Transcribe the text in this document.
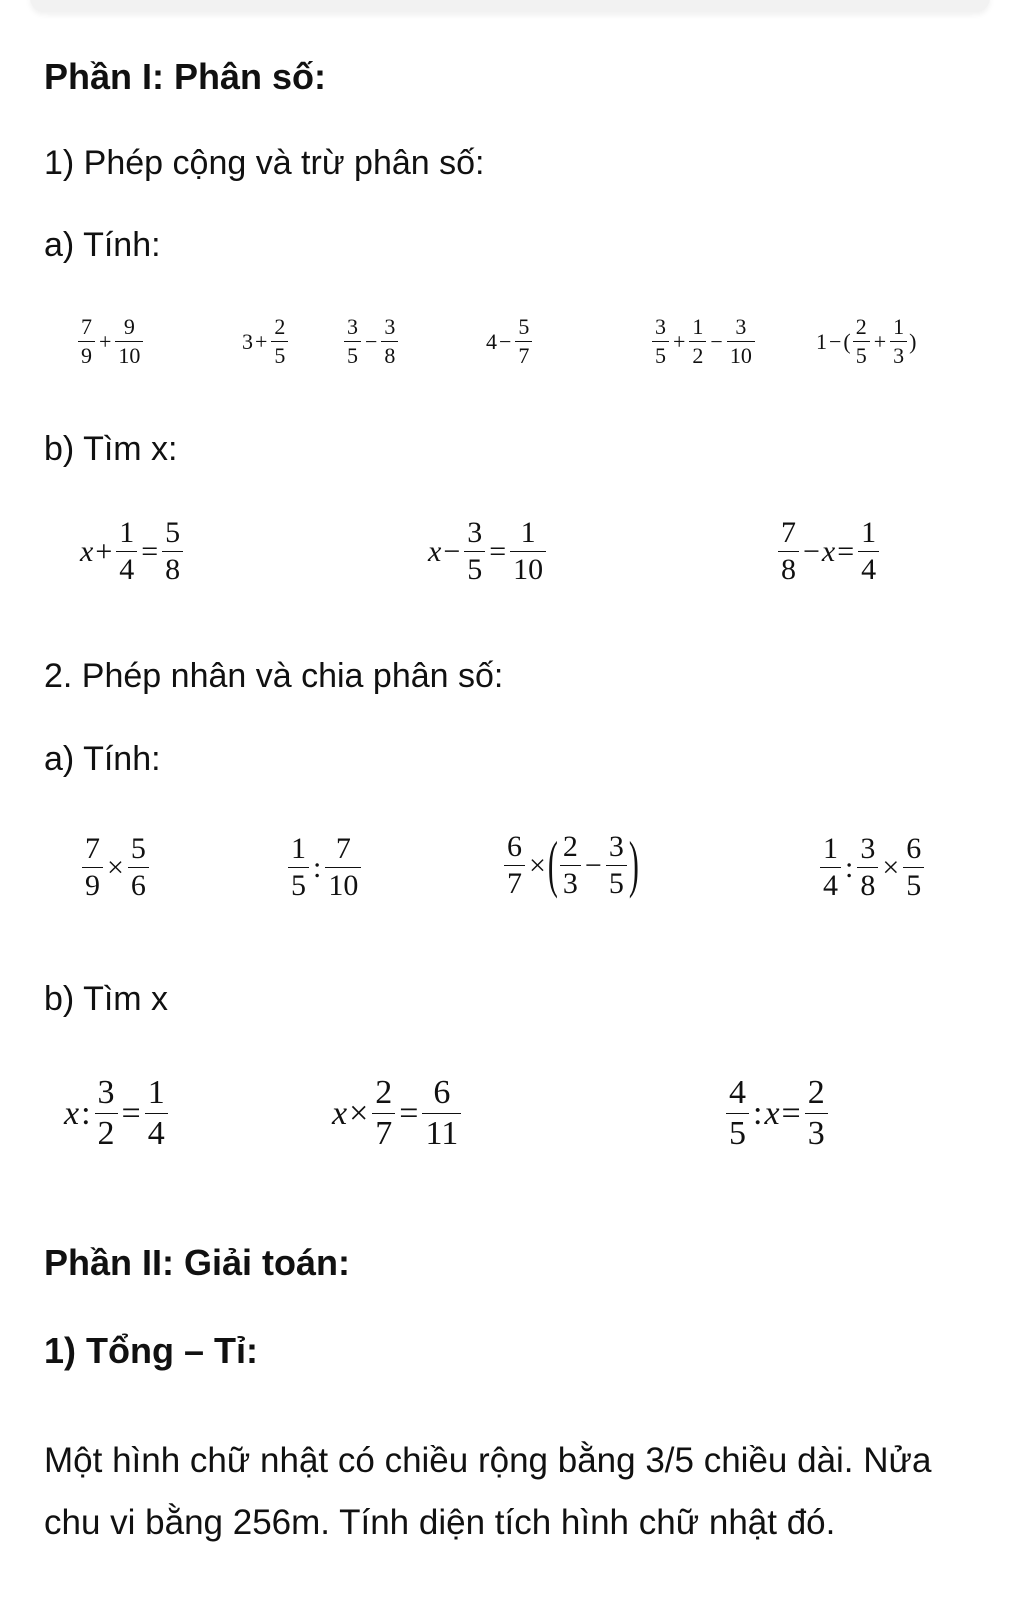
Phần I: Phân số:
1) Phép cộng và trừ phân số:
a) Tính:
$\frac{7}{9} + \frac{9}{10}$	$3 + \frac{2}{5}$	$\frac{3}{5} - \frac{3}{8}$	$4 - \frac{5}{7}$	$\frac{3}{5} + \frac{1}{2} - \frac{3}{10}$	1 − ( $\frac{2}{5} + \frac{1}{3}$ )
b) Tìm x:
$x + \frac{1}{4} = \frac{5}{8}$	$x - \frac{3}{5} = \frac{1}{10}$	$\frac{7}{8} - x = \frac{1}{4}$
2. Phép nhân và chia phân số:
a) Tính:
$\frac{7}{9} \times \frac{5}{6}$	$\frac{1}{5}$ : $\frac{7}{10}$	$\frac{6}{7}$ × ( $\frac{2}{3} - \frac{3}{5}$ )	$\frac{1}{4}$ : $\frac{3}{8} \times \frac{6}{5}$
b) Tìm x
x : $\frac{3}{2} = \frac{1}{4}$	$x \times \frac{2}{7} = \frac{6}{11}$	$\frac{4}{5}$ : $x = \frac{2}{3}$
Phần II: Giải toán:
1) Tổng – Tỉ:
Một hình chữ nhật có chiều rộng bằng 3/5 chiều dài. Nửa chu vi bằng 256m. Tính diện tích hình chữ nhật đó.
